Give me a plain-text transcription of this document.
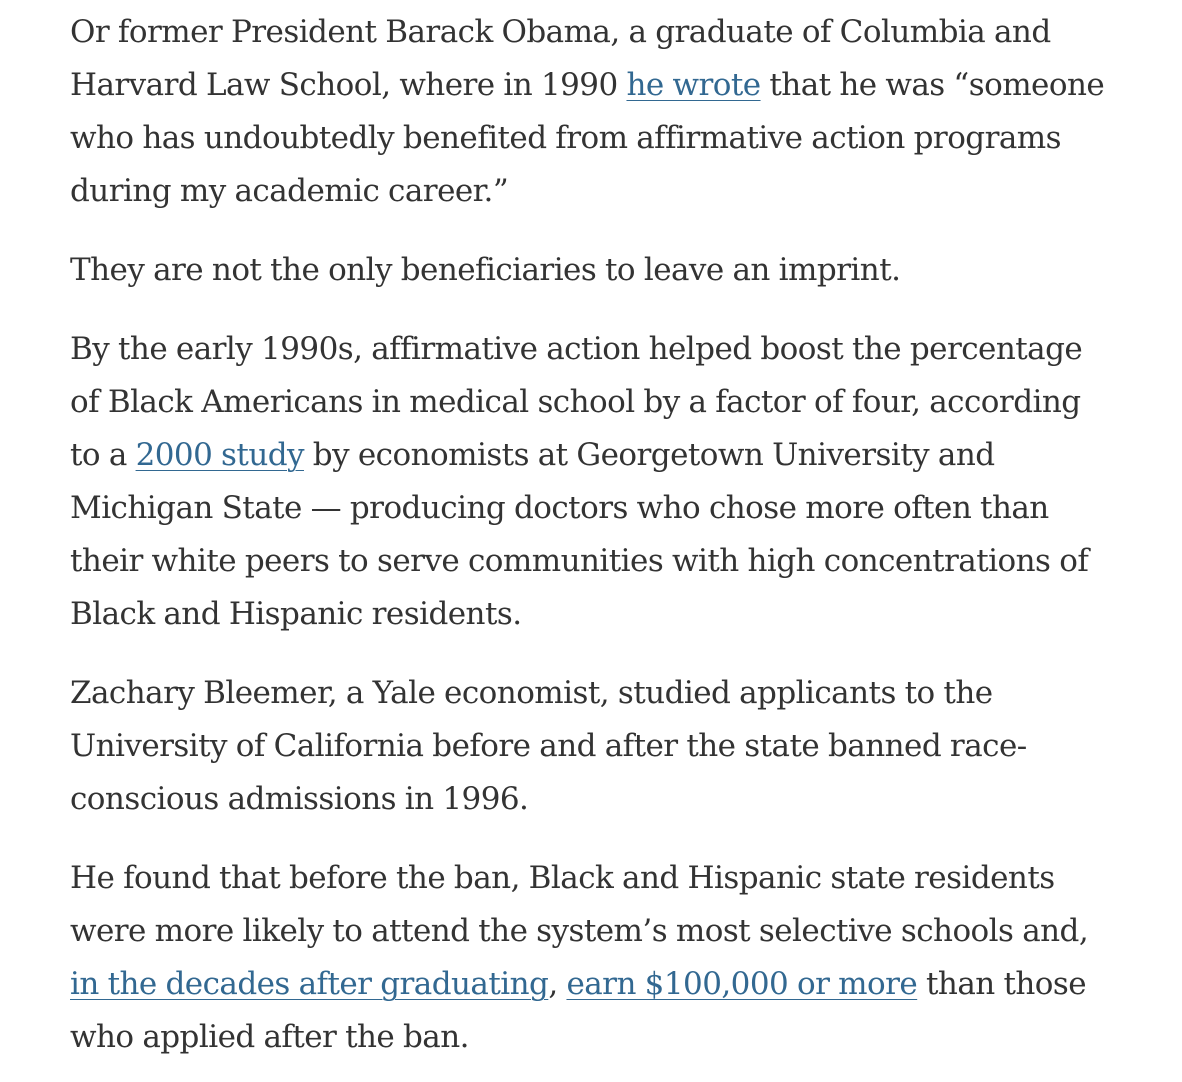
Or former President Barack Obama, a graduate of Columbia and
Harvard Law School, where in 1990 he wrote that he was “someone
who has undoubtedly benefited from affirmative action programs
during my academic career.”

They are not the only beneficiaries to leave an imprint.

By the early 1990s, affirmative action helped boost the percentage
of Black Americans in medical school by a factor of four, according
to a 2000 study by economists at Georgetown University and
Michigan State — producing doctors who chose more often than
their white peers to serve communities with high concentrations of
Black and Hispanic residents.

Zachary Bleemer, a Yale economist, studied applicants to the
University of California before and after the state banned race-
conscious admissions in 1996.

He found that before the ban, Black and Hispanic state residents
were more likely to attend the system’s most selective schools and,
in the decades after graduating, earn $100,000 or more than those
who applied after the ban.
